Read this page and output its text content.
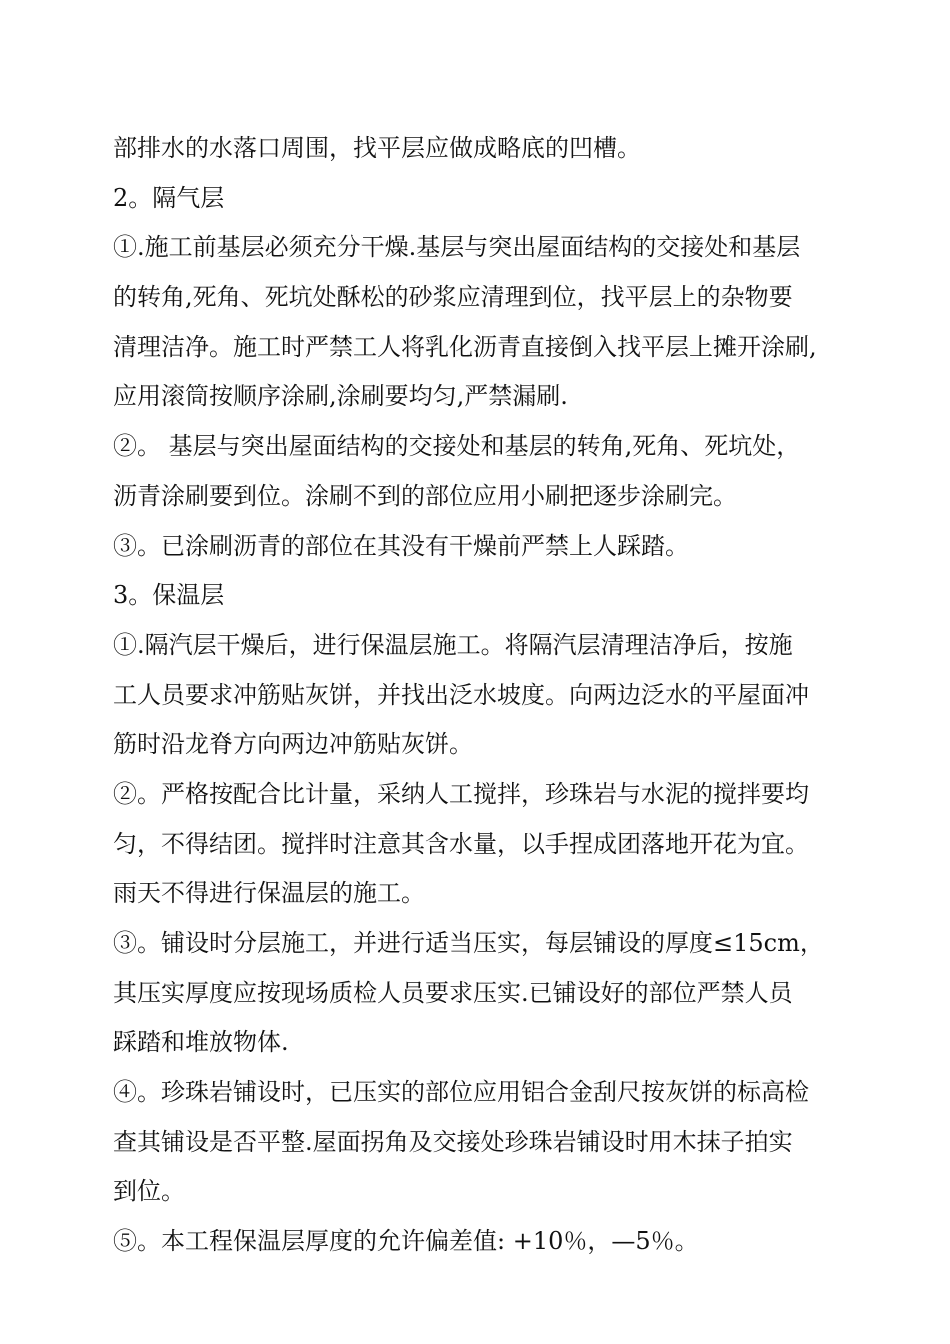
部排水的水落口周围，找平层应做成略底的凹槽。
2。隔气层
①.施工前基层必须充分干燥.基层与突出屋面结构的交接处和基层
的转角,死角、死坑处酥松的砂浆应清理到位，找平层上的杂物要
清理洁净。施工时严禁工人将乳化沥青直接倒入找平层上摊开涂刷,
应用滚筒按顺序涂刷,涂刷要均匀,严禁漏刷.
②。 基层与突出屋面结构的交接处和基层的转角,死角、死坑处，
沥青涂刷要到位。涂刷不到的部位应用小刷把逐步涂刷完。
③。已涂刷沥青的部位在其没有干燥前严禁上人踩踏。
3。保温层
①.隔汽层干燥后，进行保温层施工。将隔汽层清理洁净后，按施
工人员要求冲筋贴灰饼，并找出泛水坡度。向两边泛水的平屋面冲
筋时沿龙脊方向两边冲筋贴灰饼。
②。严格按配合比计量，采纳人工搅拌，珍珠岩与水泥的搅拌要均
匀，不得结团。搅拌时注意其含水量，以手捏成团落地开花为宜。
雨天不得进行保温层的施工。
③。铺设时分层施工，并进行适当压实，每层铺设的厚度≤15cm，
其压实厚度应按现场质检人员要求压实.已铺设好的部位严禁人员
踩踏和堆放物体.
④。珍珠岩铺设时，已压实的部位应用铝合金刮尺按灰饼的标高检
查其铺设是否平整.屋面拐角及交接处珍珠岩铺设时用木抹子拍实
到位。
⑤。本工程保温层厚度的允许偏差值: +10％，—5％。
